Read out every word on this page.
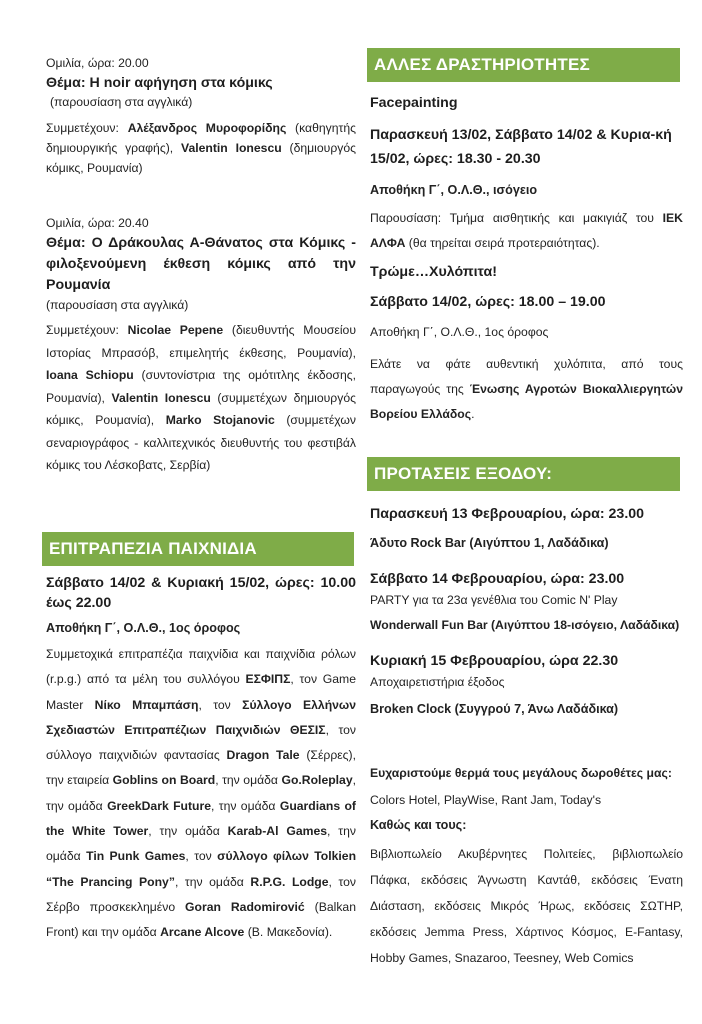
Ομιλία, ώρα: 20.00

Θέμα: Η noir αφήγηση στα κόμικς

(παρουσίαση στα αγγλικά)

Συμμετέχουν: Αλέξανδρος Μυροφορίδης (καθηγητής δημιουργικής γραφής), Valentin Ionescu (δημιουργός κόμικς, Ρουμανία)

Ομιλία, ώρα: 20.40

Θέμα: Ο Δράκουλας Α-Θάνατος στα Κόμικς - φιλοξενούμενη έκθεση κόμικς από την Ρουμανία

(παρουσίαση στα αγγλικά)

Συμμετέχουν: Nicolae Pepene (διευθυντής Μουσείου Ιστορίας Μπρασόβ, επιμελητής έκθεσης, Ρουμανία), Ioana Schiopu (συντονίστρια της ομότιτλης έκδοσης, Ρουμανία), Valentin Ionescu (συμμετέχων δημιουργός κόμικς, Ρουμανία), Marko Stojanovic (συμμετέχων σεναριογράφος - καλλιτεχνικός διευθυντής του φεστιβάλ κόμικς του Λέσκοβατς, Σερβία)

ΕΠΙΤΡΑΠΕΖΙΑ ΠΑΙΧΝΙΔΙΑ

Σάββατο 14/02 & Κυριακή 15/02, ώρες: 10.00 έως 22.00

Αποθήκη Γ΄, Ο.Λ.Θ., 1ος όροφος

Συμμετοχικά επιτραπέζια παιχνίδια και παιχνίδια ρόλων (r.p.g.) από τα μέλη του συλλόγου ΕΣΦΙΠΣ, τον Game Master Νίκο Μπαμπάση, τον Σύλλογο Ελλήνων Σχεδιαστών Επιτραπέζιων Παιχνιδιών ΘΕΣΙΣ, τον σύλλογο παιχνιδιών φαντασίας Dragon Tale (Σέρρες), την εταιρεία Goblins on Board, την ομάδα Go.Roleplay, την ομάδα GreekDark Future, την ομάδα Guardians of the White Tower, την ομάδα Karab-Al Games, την ομάδα Tin Punk Games, τον σύλλογο φίλων Tolkien “The Prancing Pony”, την ομάδα R.P.G. Lodge, τον Σέρβο προσκεκλημένο Goran Radomirović (Balkan Front) και την ομάδα Arcane Alcove (Β. Μακεδονία).

ΑΛΛΕΣ ΔΡΑΣΤΗΡΙΟΤΗΤΕΣ

Facepainting

Παρασκευή 13/02, Σάββατο 14/02 & Κυρια-κή 15/02, ώρες: 18.30 - 20.30

Αποθήκη Γ΄, Ο.Λ.Θ., ισόγειο

Παρουσίαση: Τμήμα αισθητικής και μακιγιάζ του ΙΕΚ ΑΛΦΑ (θα τηρείται σειρά προτεραιότητας).

Τρώμε…Χυλόπιτα!

Σάββατο 14/02, ώρες: 18.00 – 19.00

Αποθήκη Γ΄, Ο.Λ.Θ., 1ος όροφος

Ελάτε να φάτε αυθεντική χυλόπιτα, από τους παραγωγούς της Ένωσης Αγροτών Βιοκαλλιεργητών Βορείου Ελλάδος.

ΠΡΟΤΑΣΕΙΣ ΕΞΟΔΟΥ:

Παρασκευή 13 Φεβρουαρίου, ώρα: 23.00

Άδυτο Rock Bar (Αιγύπτου 1, Λαδάδικα)

Σάββατο 14 Φεβρουαρίου, ώρα: 23.00

PARTY για τα 23α γενέθλια του Comic N' Play

Wonderwall Fun Bar (Αιγύπτου 18-ισόγειο, Λαδάδικα)

Κυριακή 15 Φεβρουαρίου, ώρα 22.30

Αποχαιρετιστήρια έξοδος

Broken Clock (Συγγρού 7, Άνω Λαδάδικα)

Ευχαριστούμε θερμά τους μεγάλους δωροθέτες μας:

Colors Hotel, PlayWise, Rant Jam, Today's

Καθώς και τους:

Βιβλιοπωλείο Ακυβέρνητες Πολιτείες, βιβλιοπωλείο Πάφκα, εκδόσεις Άγνωστη Καντάθ, εκδόσεις Ένατη Διάσταση, εκδόσεις Μικρός Ήρως, εκδόσεις ΣΩΤΗΡ, εκδόσεις Jemma Press, Χάρτινος Κόσμος, E-Fantasy, Hobby Games, Snazaroo, Teesney, Web Comics
